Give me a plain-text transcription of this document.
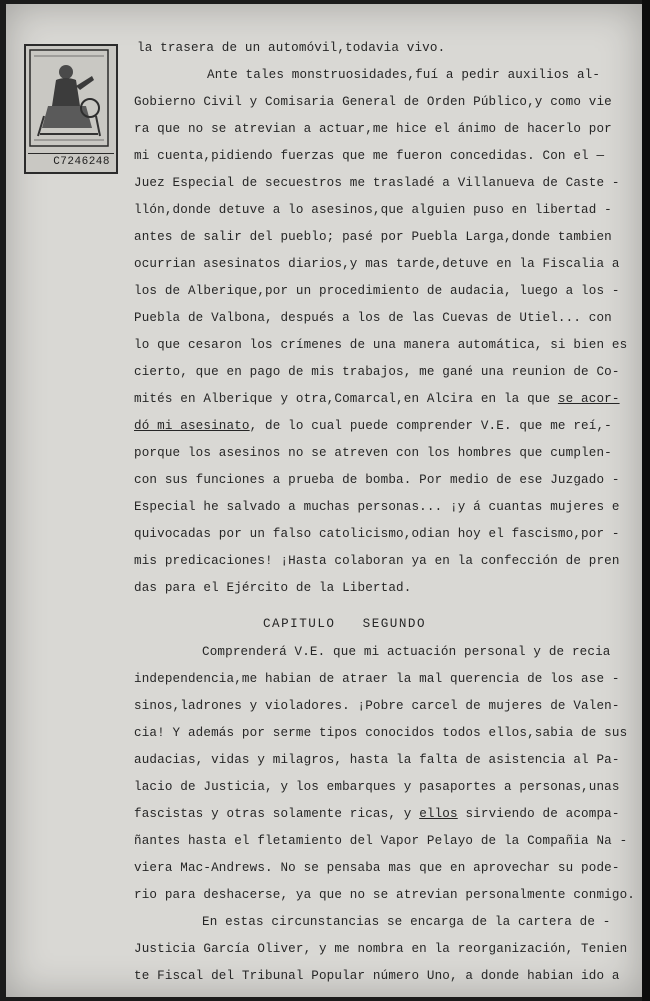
C7246248
la trasera de un automóvil,todavia vivo.
Ante tales monstruosidades,fuí a pedir auxilios al-
Gobierno Civil y Comisaria General de Orden Público,y como vie
ra que no se atrevian a actuar,me hice el ánimo de hacerlo por
mi cuenta,pidiendo fuerzas que me fueron concedidas. Con el —
Juez Especial de secuestros me trasladé a Villanueva de Caste -
llón,donde detuve a lo asesinos,que alguien puso en libertad -
antes de salir del pueblo; pasé por Puebla Larga,donde tambien
ocurrian asesinatos diarios,y mas tarde,detuve en la Fiscalia a
los de Alberique,por un procedimiento de audacia, luego a los -
Puebla de Valbona, después a los de las Cuevas de Utiel... con
lo que cesaron los crímenes de una manera automática, si bien es
cierto, que en pago de mis trabajos, me gané una reunion de Co-
mités en Alberique y otra,Comarcal,en Alcira en la que se acor-
dó mi asesinato, de lo cual puede comprender V.E. que me reí,-
porque los asesinos no se atreven con los hombres que cumplen-
con sus funciones a prueba de bomba. Por medio de ese Juzgado -
Especial he salvado a muchas personas... ¡y á cuantas mujeres e
quivocadas por un falso catolicismo,odian hoy el fascismo,por -
mis predicaciones! ¡Hasta colaboran ya en la confección de pren
das para el Ejército de la Libertad.
CAPITULO   SEGUNDO
Comprenderá V.E. que mi actuación personal y de recia
independencia,me habian de atraer la mal querencia de los ase -
sinos,ladrones y violadores. ¡Pobre carcel de mujeres de Valen-
cia! Y además por serme tipos conocidos todos ellos,sabia de sus
audacias, vidas y milagros, hasta la falta de asistencia al Pa-
lacio de Justicia, y los embarques y pasaportes a personas,unas
fascistas y otras solamente ricas, y ellos sirviendo de acompa-
ñantes hasta el fletamiento del Vapor Pelayo de la Compañia Na -
viera Mac-Andrews. No se pensaba mas que en aprovechar su pode-
rio para deshacerse, ya que no se atrevian personalmente conmigo.
En estas circunstancias se encarga de la cartera de -
Justicia García Oliver, y me nombra en la reorganización, Tenien
te Fiscal del Tribunal Popular número Uno, a donde habian ido a
